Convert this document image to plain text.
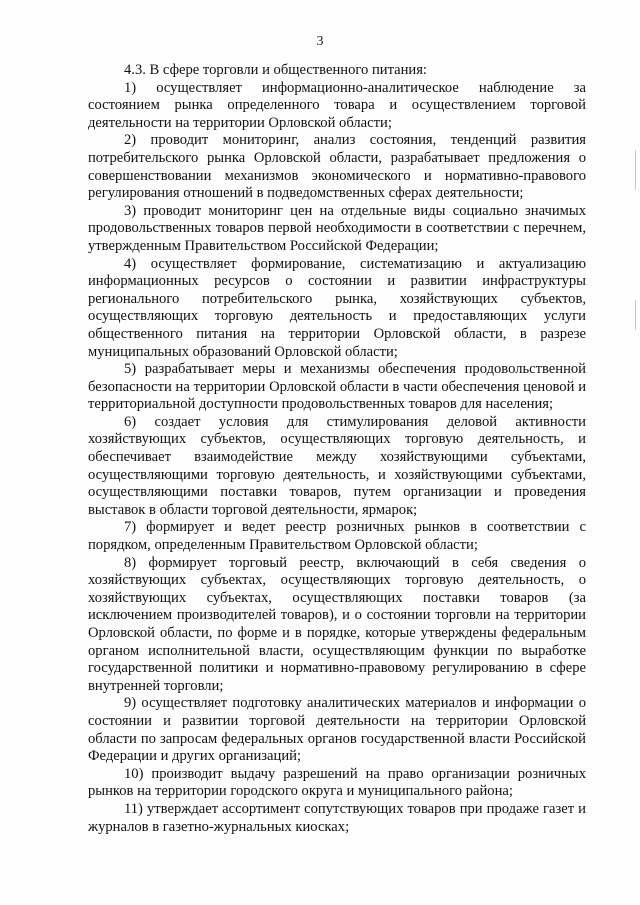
3

4.3. В сфере торговли и общественного питания:

1) осуществляет информационно-аналитическое наблюдение за состоянием рынка определенного товара и осуществлением торговой деятельности на территории Орловской области;

2) проводит мониторинг, анализ состояния, тенденций развития потребительского рынка Орловской области, разрабатывает предложения о совершенствовании механизмов экономического и нормативно-правового регулирования отношений в подведомственных сферах деятельности;

3) проводит мониторинг цен на отдельные виды социально значимых продовольственных товаров первой необходимости в соответствии с перечнем, утвержденным Правительством Российской Федерации;

4) осуществляет формирование, систематизацию и актуализацию информационных ресурсов о состоянии и развитии инфраструктуры регионального потребительского рынка, хозяйствующих субъектов, осуществляющих торговую деятельность и предоставляющих услуги общественного питания на территории Орловской области, в разрезе муниципальных образований Орловской области;

5) разрабатывает меры и механизмы обеспечения продовольственной безопасности на территории Орловской области в части обеспечения ценовой и территориальной доступности продовольственных товаров для населения;

6) создает условия для стимулирования деловой активности хозяйствующих субъектов, осуществляющих торговую деятельность, и обеспечивает взаимодействие между хозяйствующими субъектами, осуществляющими торговую деятельность, и хозяйствующими субъектами, осуществляющими поставки товаров, путем организации и проведения выставок в области торговой деятельности, ярмарок;

7) формирует и ведет реестр розничных рынков в соответствии с порядком, определенным Правительством Орловской области;

8) формирует торговый реестр, включающий в себя сведения о хозяйствующих субъектах, осуществляющих торговую деятельность, о хозяйствующих субъектах, осуществляющих поставки товаров (за исключением производителей товаров), и о состоянии торговли на территории Орловской области, по форме и в порядке, которые утверждены федеральным органом исполнительной власти, осуществляющим функции по выработке государственной политики и нормативно-правовому регулированию в сфере внутренней торговли;

9) осуществляет подготовку аналитических материалов и информации о состоянии и развитии торговой деятельности на территории Орловской области по запросам федеральных органов государственной власти Российской Федерации и других организаций;

10) производит выдачу разрешений на право организации розничных рынков на территории городского округа и муниципального района;

11) утверждает ассортимент сопутствующих товаров при продаже газет и журналов в газетно-журнальных киосках;
